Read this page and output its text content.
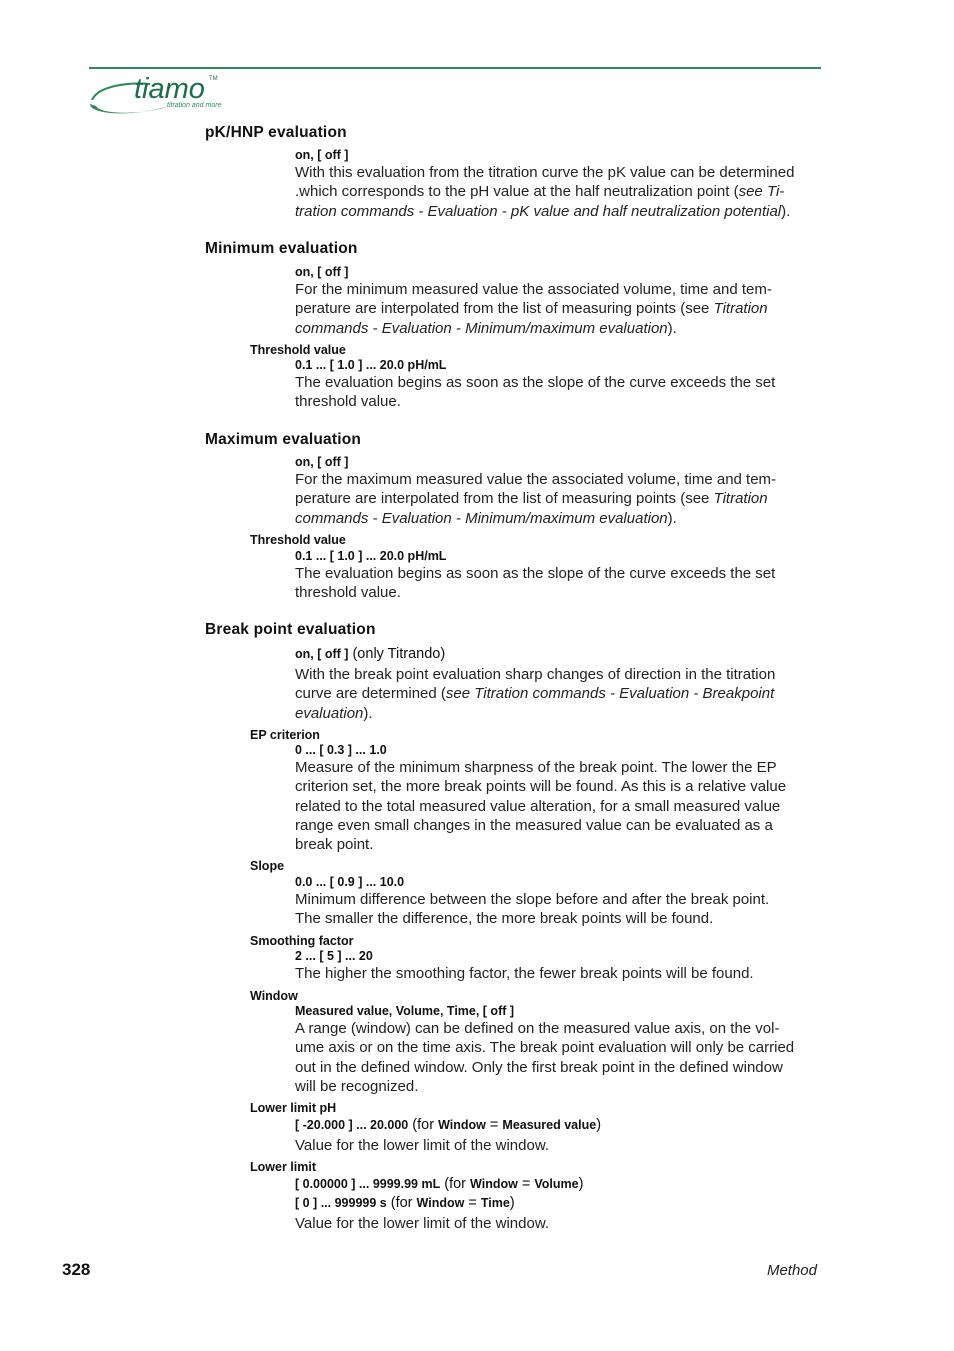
tiamo TM
titration and more
pK/HNP evaluation
on, [ off ]
With this evaluation from the titration curve the pK value can be determined
.which corresponds to the pH value at the half neutralization point (see Ti-
tration commands - Evaluation - pK value and half neutralization potential).
Minimum evaluation
on, [ off ]
For the minimum measured value the associated volume, time and tem-
perature are interpolated from the list of measuring points (see Titration
commands - Evaluation - Minimum/maximum evaluation).
Threshold value
0.1 ... [ 1.0 ] ... 20.0 pH/mL
The evaluation begins as soon as the slope of the curve exceeds the set
threshold value.
Maximum evaluation
on, [ off ]
For the maximum measured value the associated volume, time and tem-
perature are interpolated from the list of measuring points (see Titration
commands - Evaluation - Minimum/maximum evaluation).
Threshold value
0.1 ... [ 1.0 ] ... 20.0 pH/mL
The evaluation begins as soon as the slope of the curve exceeds the set
threshold value.
Break point evaluation
on, [ off ] (only Titrando)
With the break point evaluation sharp changes of direction in the titration
curve are determined (see Titration commands - Evaluation - Breakpoint
evaluation).
EP criterion
0 ... [ 0.3 ] ... 1.0
Measure of the minimum sharpness of the break point. The lower the EP
criterion set, the more break points will be found. As this is a relative value
related to the total measured value alteration, for a small measured value
range even small changes in the measured value can be evaluated as a
break point.
Slope
0.0 ... [ 0.9 ] ... 10.0
Minimum difference between the slope before and after the break point.
The smaller the difference, the more break points will be found.
Smoothing factor
2 ... [ 5 ] ... 20
The higher the smoothing factor, the fewer break points will be found.
Window
Measured value, Volume, Time, [ off ]
A range (window) can be defined on the measured value axis, on the vol-
ume axis or on the time axis. The break point evaluation will only be carried
out in the defined window. Only the first break point in the defined window
will be recognized.
Lower limit pH
[ -20.000 ] ... 20.000 (for Window = Measured value)
Value for the lower limit of the window.
Lower limit
[ 0.00000 ] ... 9999.99 mL (for Window = Volume)
[ 0 ] ... 999999 s (for Window = Time)
Value for the lower limit of the window.
328	Method
